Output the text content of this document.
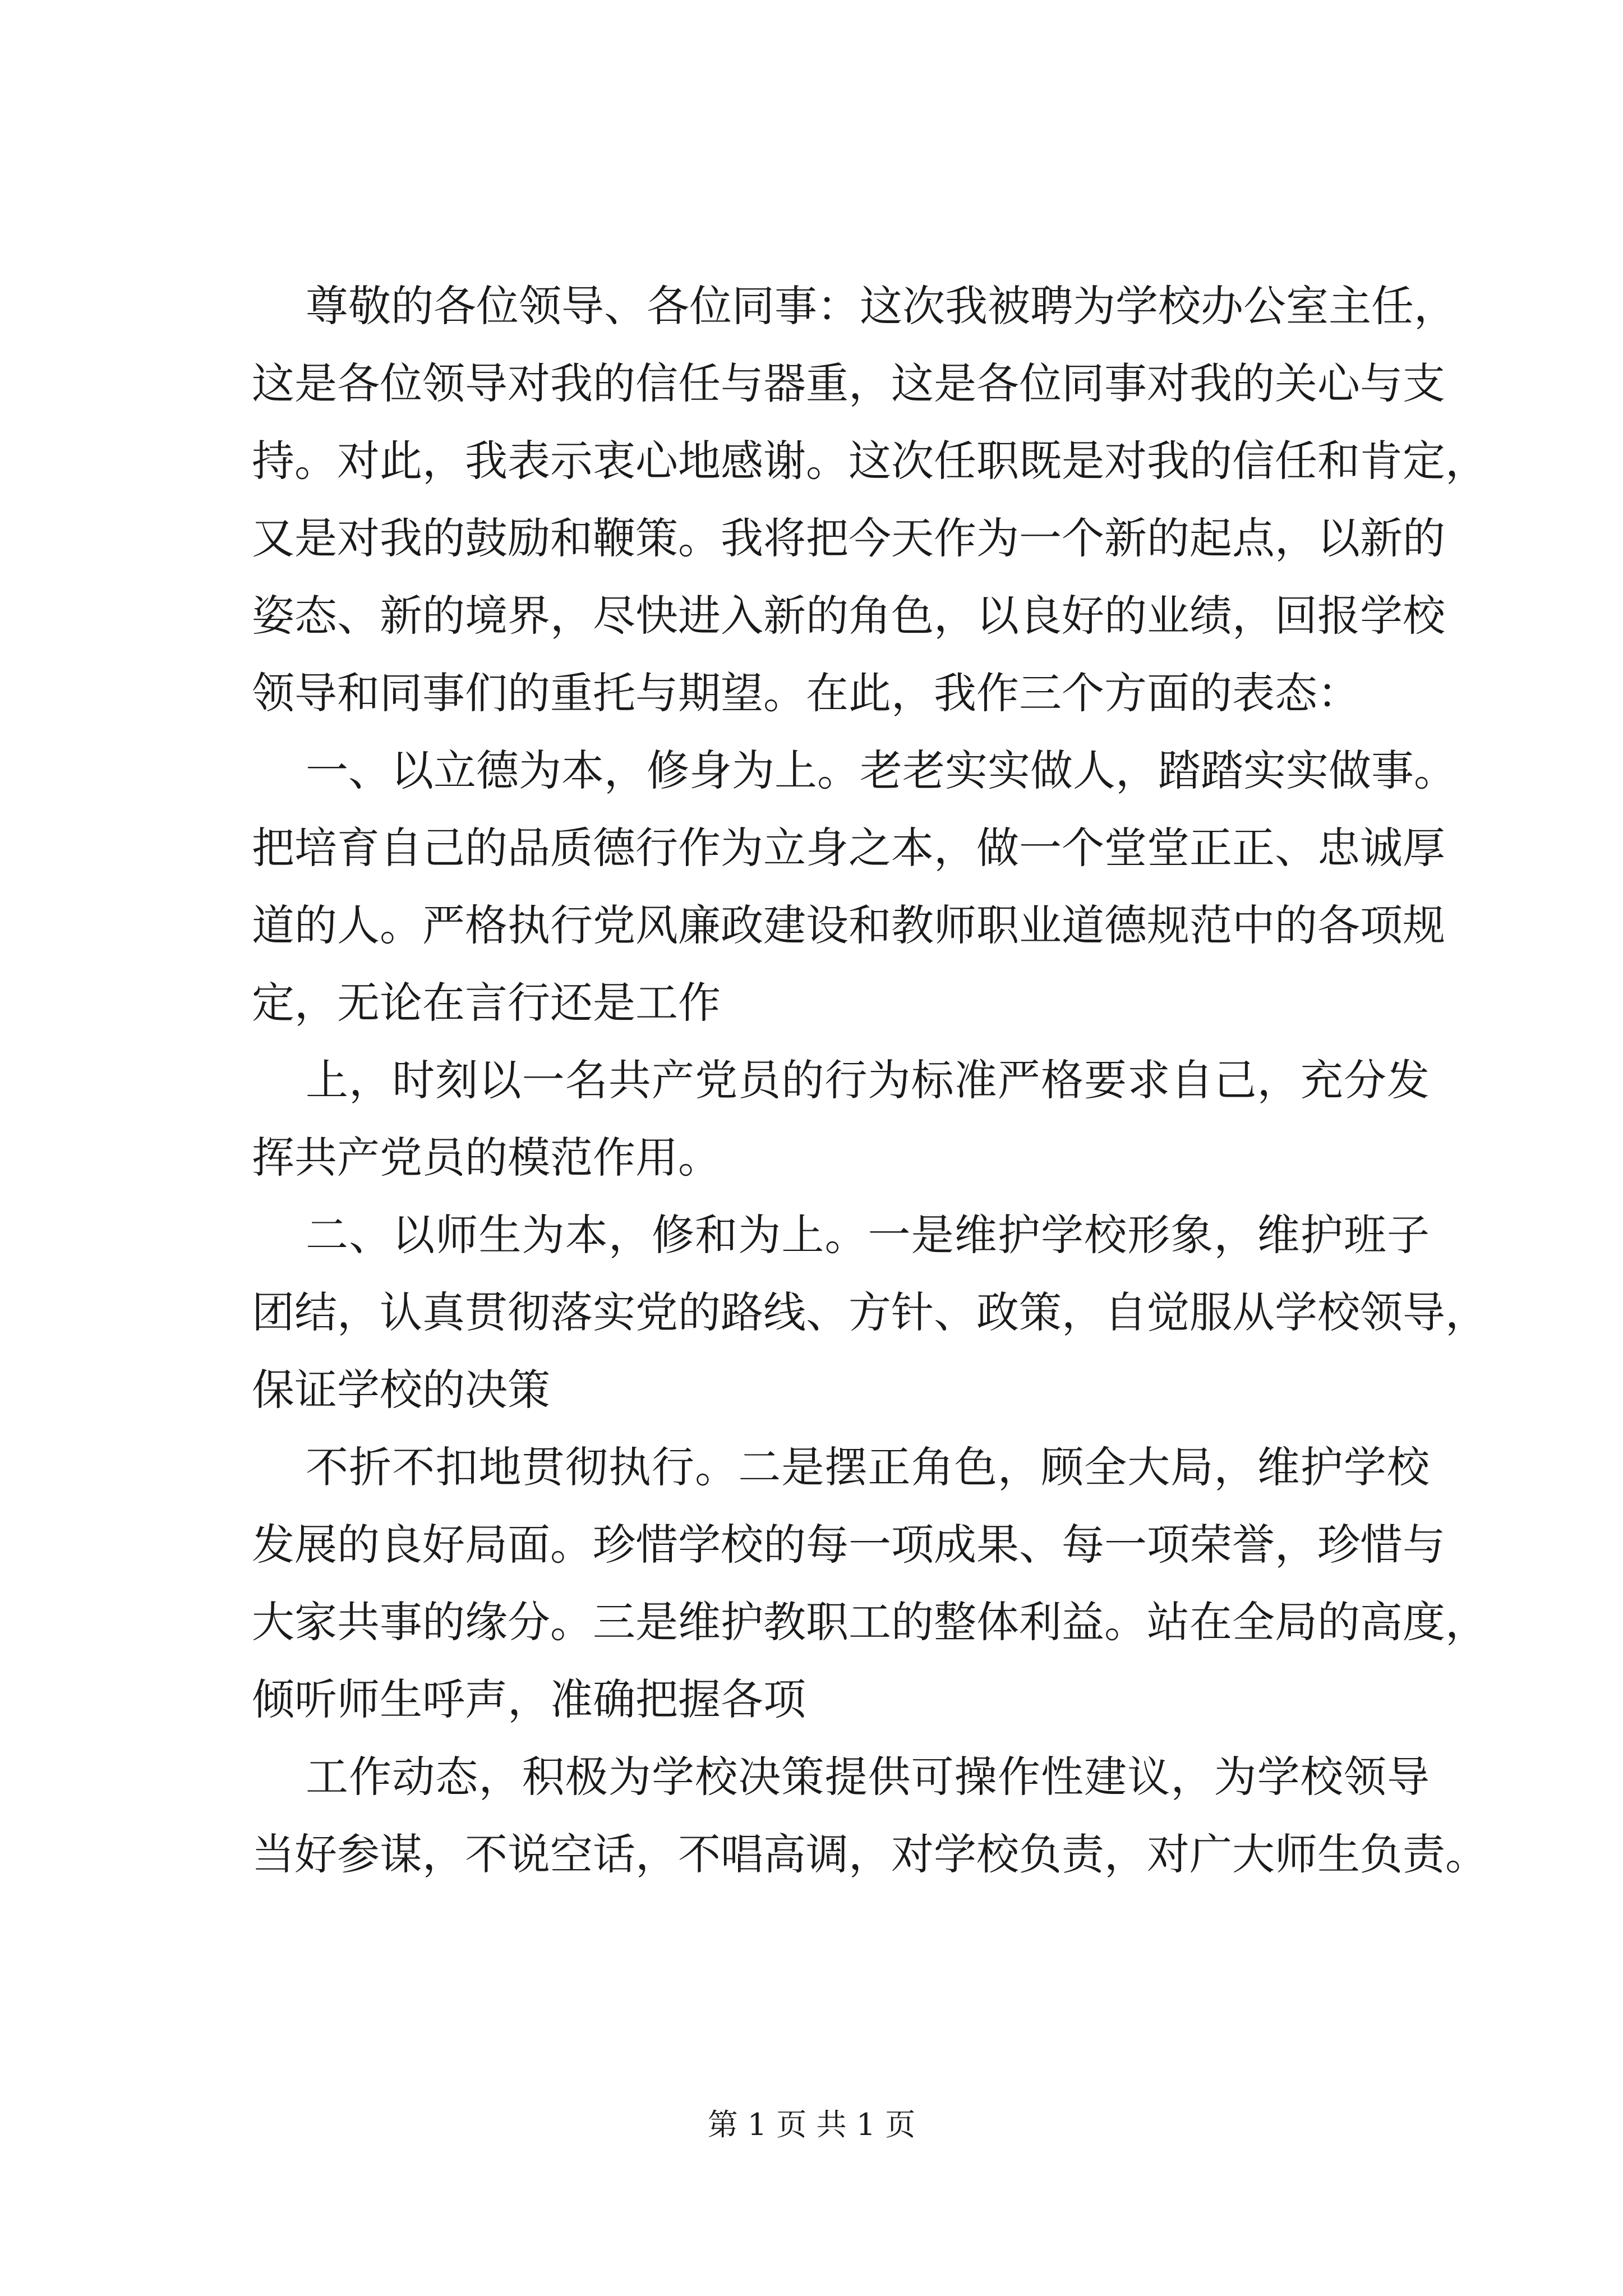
尊敬的各位领导、各位同事：这次我被聘为学校办公室主任，
这是各位领导对我的信任与器重，这是各位同事对我的关心与支
持。对此，我表示衷心地感谢。这次任职既是对我的信任和肯定，
又是对我的鼓励和鞭策。我将把今天作为一个新的起点，以新的
姿态、新的境界，尽快进入新的角色，以良好的业绩，回报学校
领导和同事们的重托与期望。在此，我作三个方面的表态：
一、以立德为本，修身为上。老老实实做人，踏踏实实做事。
把培育自己的品质德行作为立身之本，做一个堂堂正正、忠诚厚
道的人。严格执行党风廉政建设和教师职业道德规范中的各项规
定，无论在言行还是工作
上，时刻以一名共产党员的行为标准严格要求自己，充分发
挥共产党员的模范作用。
二、以师生为本，修和为上。一是维护学校形象，维护班子
团结，认真贯彻落实党的路线、方针、政策，自觉服从学校领导，
保证学校的决策
不折不扣地贯彻执行。二是摆正角色，顾全大局，维护学校
发展的良好局面。珍惜学校的每一项成果、每一项荣誉，珍惜与
大家共事的缘分。三是维护教职工的整体利益。站在全局的高度，
倾听师生呼声，准确把握各项
工作动态，积极为学校决策提供可操作性建议，为学校领导
当好参谋，不说空话，不唱高调，对学校负责，对广大师生负责。
第 1 页 共 1 页
